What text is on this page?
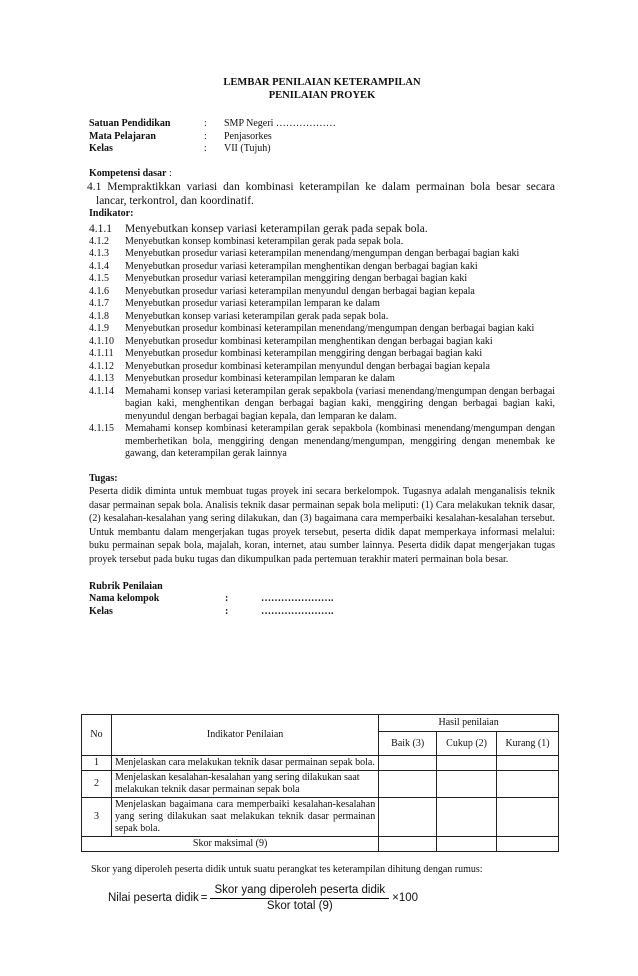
LEMBAR PENILAIAN KETERAMPILAN
PENILAIAN PROYEK
Satuan Pendidikan	:	SMP Negeri ………………
Mata Pelajaran	:	Penjasorkes
Kelas	:	VII (Tujuh)
Kompetensi dasar :
4.1 Mempraktikkan variasi dan kombinasi keterampilan ke dalam permainan bola besar secara lancar, terkontrol, dan koordinatif.
Indikator:
4.1.1	Menyebutkan konsep variasi keterampilan gerak pada sepak bola.
4.1.2	Menyebutkan konsep kombinasi keterampilan gerak pada sepak bola.
4.1.3	Menyebutkan prosedur variasi keterampilan menendang/mengumpan dengan berbagai bagian kaki
4.1.4	Menyebutkan prosedur variasi keterampilan menghentikan dengan berbagai bagian kaki
4.1.5	Menyebutkan prosedur variasi keterampilan menggiring dengan berbagai bagian kaki
4.1.6	Menyebutkan prosedur variasi keterampilan menyundul dengan berbagai bagian kepala
4.1.7	Menyebutkan prosedur variasi keterampilan lemparan ke dalam
4.1.8	Menyebutkan konsep variasi keterampilan gerak pada sepak bola.
4.1.9	Menyebutkan prosedur kombinasi keterampilan menendang/mengumpan dengan berbagai bagian kaki
4.1.10	Menyebutkan prosedur kombinasi keterampilan menghentikan dengan berbagai bagian kaki
4.1.11	Menyebutkan prosedur kombinasi keterampilan menggiring dengan berbagai bagian kaki
4.1.12	Menyebutkan prosedur kombinasi keterampilan menyundul dengan berbagai bagian kepala
4.1.13	Menyebutkan prosedur kombinasi keterampilan lemparan ke dalam
4.1.14	Memahami konsep variasi keterampilan gerak sepakbola (variasi menendang/mengumpan dengan berbagai bagian kaki, menghentikan dengan berbagai bagian kaki, menggiring dengan berbagai bagian kaki, menyundul dengan berbagai bagian kepala, dan lemparan ke dalam.
4.1.15	Memahami konsep kombinasi keterampilan gerak sepakbola (kombinasi menendang/mengumpan dengan memberhetikan bola, menggiring dengan menendang/mengumpan, menggiring dengan menembak ke gawang, dan keterampilan gerak lainnya
Tugas:
Peserta didik diminta untuk membuat tugas proyek ini secara berkelompok. Tugasnya adalah menganalisis teknik dasar permainan sepak bola. Analisis teknik dasar permainan sepak bola meliputi: (1) Cara melakukan teknik dasar, (2) kesalahan-kesalahan yang sering dilakukan, dan (3) bagaimana cara memperbaiki kesalahan-kesalahan tersebut. Untuk membantu dalam mengerjakan tugas proyek tersebut, peserta didik dapat memperkaya informasi melalui: buku permainan sepak bola, majalah, koran, internet, atau sumber lainnya. Peserta didik dapat mengerjakan tugas proyek tersebut pada buku tugas dan dikumpulkan pada pertemuan terakhir materi permainan bola besar.
Rubrik Penilaian
Nama kelompok	:	………………….
Kelas	:	………………….
No	Indikator Penilaian	Hasil penilaian		
		Baik (3)	Cukup (2)	Kurang (1)
1	Menjelaskan cara melakukan teknik dasar permainan sepak bola.			
2	Menjelaskan kesalahan-kesalahan yang sering dilakukan saat melakukan teknik dasar permainan sepak bola			
3	Menjelaskan bagaimana cara memperbaiki kesalahan-kesalahan yang sering dilakukan saat melakukan teknik dasar permainan sepak bola.			
Skor maksimal (9)				
Skor yang diperoleh peserta didik untuk suatu perangkat tes keterampilan dihitung dengan rumus:
Nilai peserta didik = $\frac{\text{Skor yang diperoleh peserta didik}}{\text{Skor total (9)}} \times 100$
